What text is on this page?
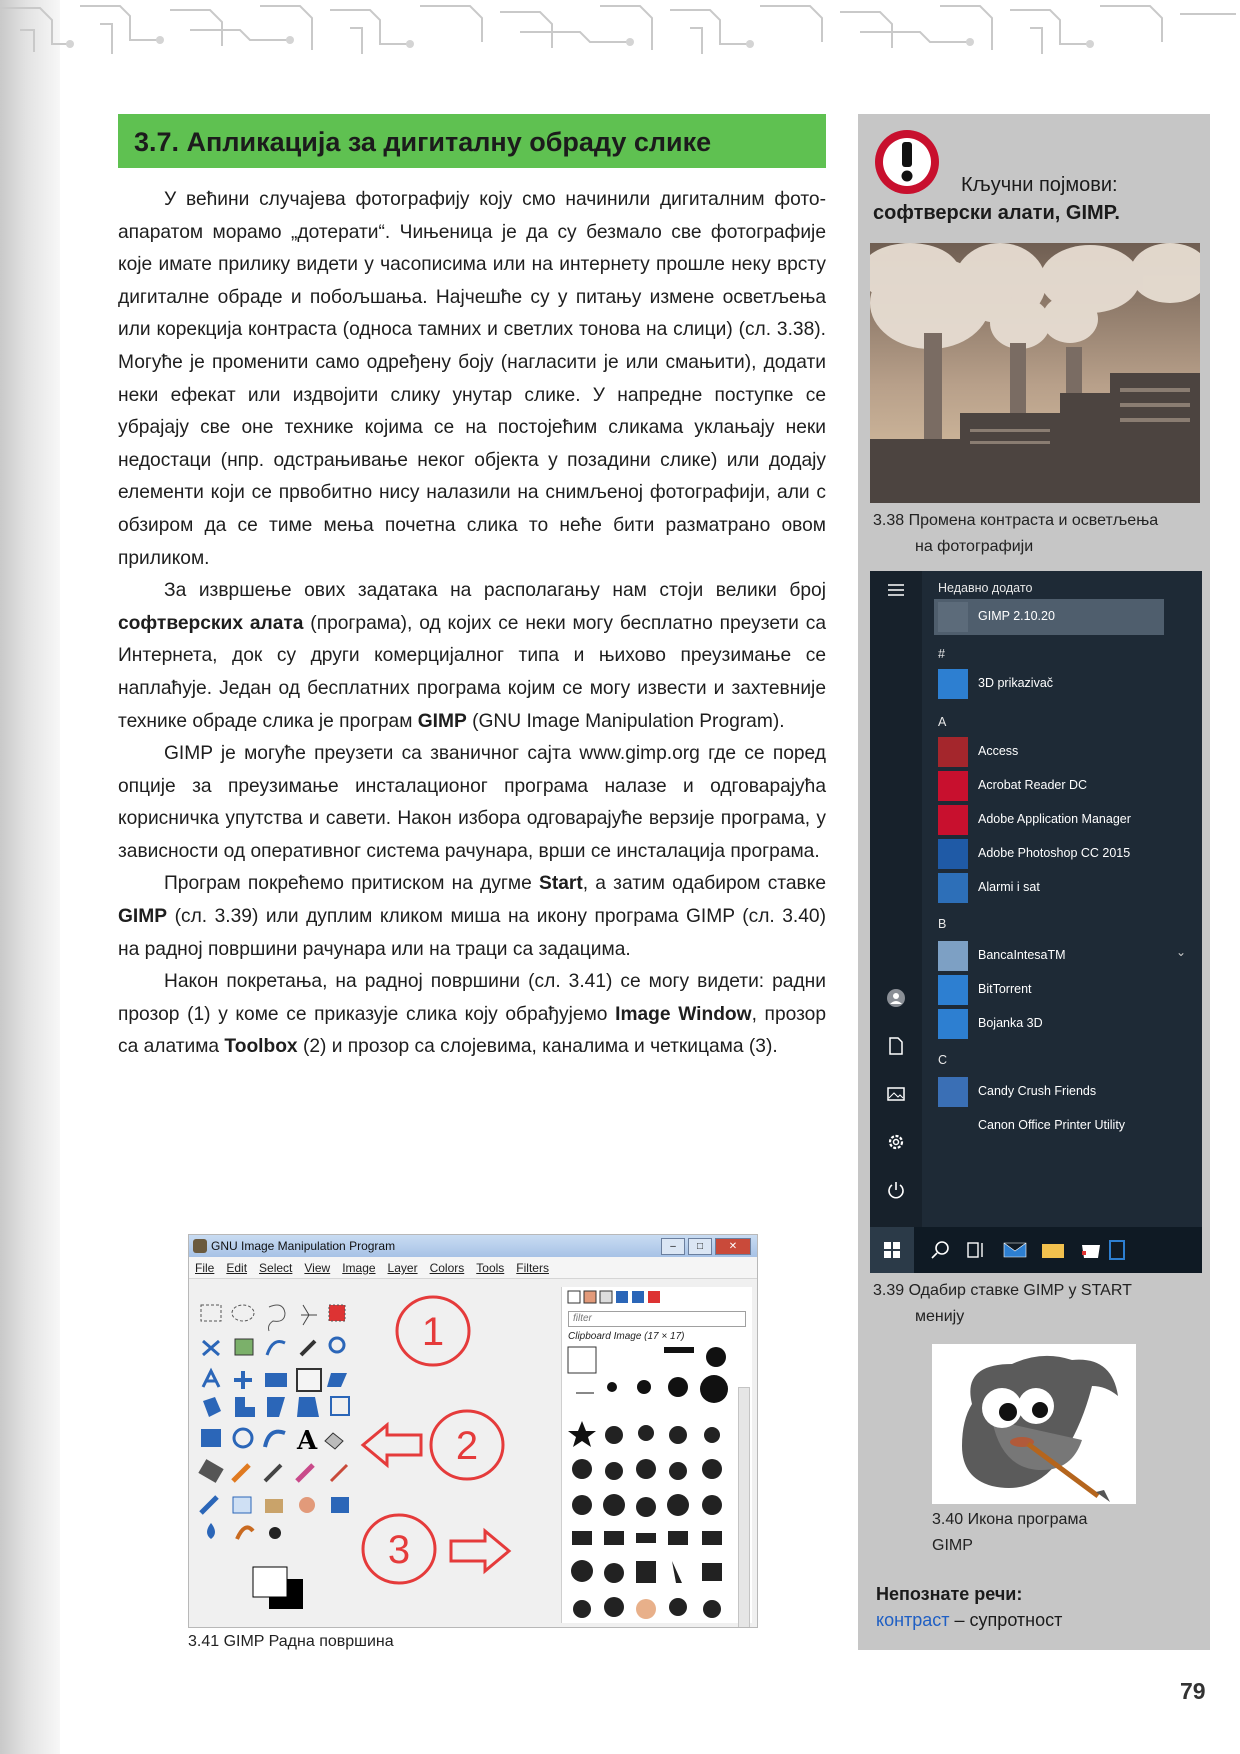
3.7. Апликација за дигиталну обраду слике

У већини случајева фотографију коју смо начинили дигиталним фото-апаратом морамо „дотерати“. Чињеница је да су безмало све фотографије које имате прилику видети у часописима или на интернету прошле неку врсту дигиталне обраде и побољшања. Најчешће су у питању измене осветљења или корекција контраста (односа тамних и светлих тонова на слици) (сл. 3.38). Могуће је променити само одређену боју (нагласити је или смањити), додати неки ефекат или издвојити слику унутар слике. У напредне поступке се убрајају све оне технике којима се на постојећим сликама уклањају неки недостаци (нпр. одстрањивање неког објекта у позадини слике) или додају елементи који се првобитно нису налазили на снимљеној фотографији, али с обзиром да се тиме мења почетна слика то неће бити разматрано овом приликом.

За извршење ових задатака на располагању нам стоји велики број софтверских алата (програма), од којих се неки могу бесплатно преузети са Интернета, док су други комерцијалног типа и њихово преузимање се наплаћује. Један од бесплатних програма којим се могу извести и захтевније технике обраде слика је програм GIMP (GNU Image Manipulation Program).

GIMP је могуће преузети са званичног сајта www.gimp.org где се поред опције за преузимање инсталационог програма налазе и одговарајућа корисничка упутства и савети. Након избора одговарајуће верзије програма, у зависности од оперативног система рачунара, врши се инсталација програма.

Програм покрећемо притиском на дугме Start, а затим одабиром ставке GIMP (сл. 3.39) или дуплим кликом миша на икону програма GIMP (сл. 3.40) на радној површини рачунара или на траци са задацима.

Након покретања, на радној површини (сл. 3.41) се могу видети: радни прозор (1) у коме се приказује слика коју обрађујемо Image Window, прозор са алатима Toolbox (2) и прозор са слојевима, каналима и четкицама (3).

GNU Image Manipulation Program	–	□	✕
File	Edit	Select	View	Image	Layer	Colors	Tools	Filters
A
filter
Clipboard Image (17 × 17)
1
2
3
3.41 GIMP Радна површина
Кључни појмови:
софтверски алати, GIMP.
3.38 Промена контраста и осветљења
на фотографији
Недавно додато
GIMP 2.10.20
#
3D prikazivač
A
Access
Acrobat Reader DC
Adobe Application Manager
Adobe Photoshop CC 2015
Alarmi i sat
B
BancaIntesaTM	⌄
BitTorrent
Bojanka 3D
C
Candy Crush Friends
Canon Office Printer Utility
3.39 Одабир ставке GIMP у START
менију
3.40 Икона програма
GIMP
Непознате речи:
контраст – супротност
79
